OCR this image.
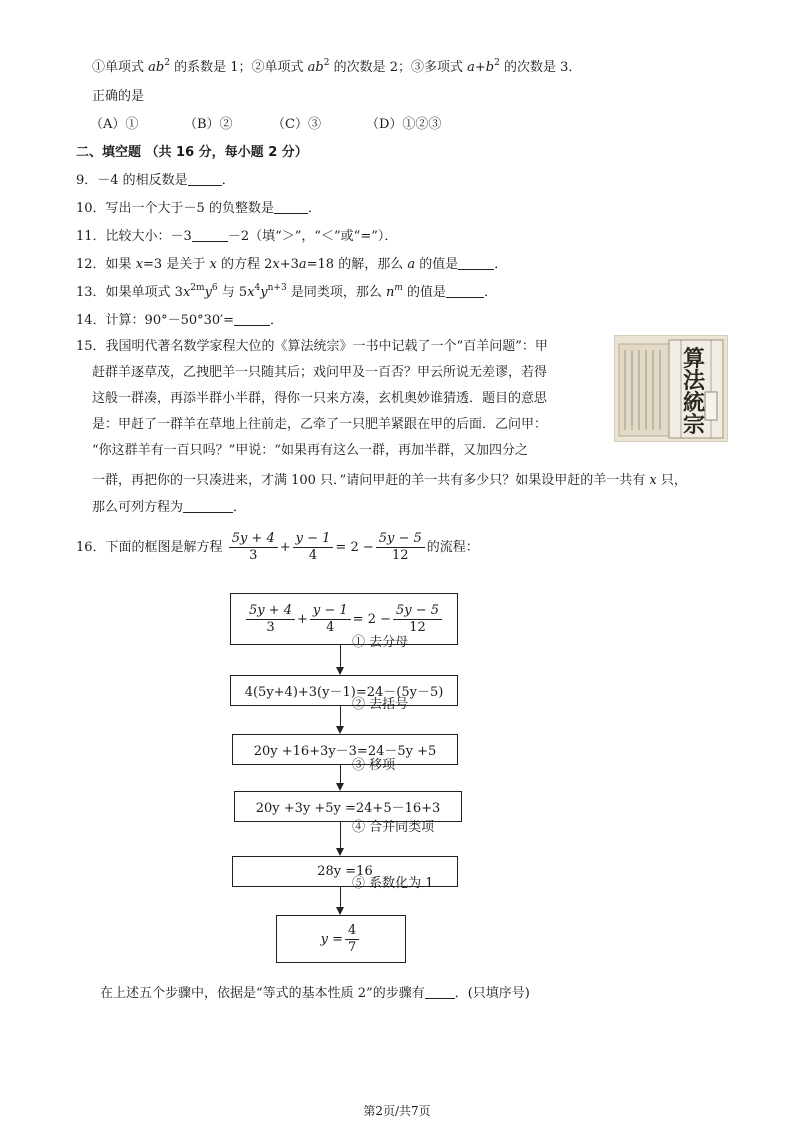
①单项式 $ab^2$ 的系数是 1；②单项式 $ab^2$ 的次数是 2；③多项式 $a+b^2$ 的次数是 3．
正确的是
（A）①	（B）②	（C）③	（D）①②③
二、填空题 （共 16 分，每小题 2 分）
9．－4 的相反数是	．
10．写出一个大于－5 的负整数是	．
11．比较大小：－3	－2（填“＞”，“＜”或“=”）．
12．如果 x=3 是关于 x 的方程 2x+3a=18 的解，那么 a 的值是	．
13．如果单项式 $3x^{2m}y^6$ 与 $5x^4y^{n+3}$ 是同类项，那么 $n^m$ 的值是	．
14．计算：90°－50°30′=	．
15．我国明代著名数学家程大位的《算法统宗》一书中记载了一个“百羊问题”：甲
赶群羊逐草茂，乙拽肥羊一只随其后；戏问甲及一百否？甲云所说无差谬，若得
这般一群凑，再添半群小半群，得你一只来方凑，玄机奥妙谁猜透．题目的意思
是：甲赶了一群羊在草地上往前走，乙牵了一只肥羊紧跟在甲的后面．乙问甲：
“你这群羊有一百只吗？”甲说：“如果再有这么一群，再加半群，又加四分之
一群，再把你的一只凑进来，才满 100 只．”请问甲赶的羊一共有多少只？如果设甲赶的羊一共有 x 只，
那么可列方程为	．
算法統宗
16．下面的框图是解方程 $\frac{5y + 4}{3} + \frac{y - 1}{4} = 2 - \frac{5y - 5}{12}$ 的流程：
$\frac{5y + 4}{3} + \frac{y - 1}{4} = 2 - \frac{5y - 5}{12}$
① 去分母
4(5y+4)+3(y－1)=24－(5y－5)
② 去括号
20y +16+3y－3=24－5y +5
③ 移项
20y +3y +5y =24+5－16+3
④ 合并同类项
28y =16
⑤ 系数化为 1
$y = \frac{4}{7}$
在上述五个步骤中，依据是“等式的基本性质 2”的步骤有 ．(只填序号)
第2页/共7页
